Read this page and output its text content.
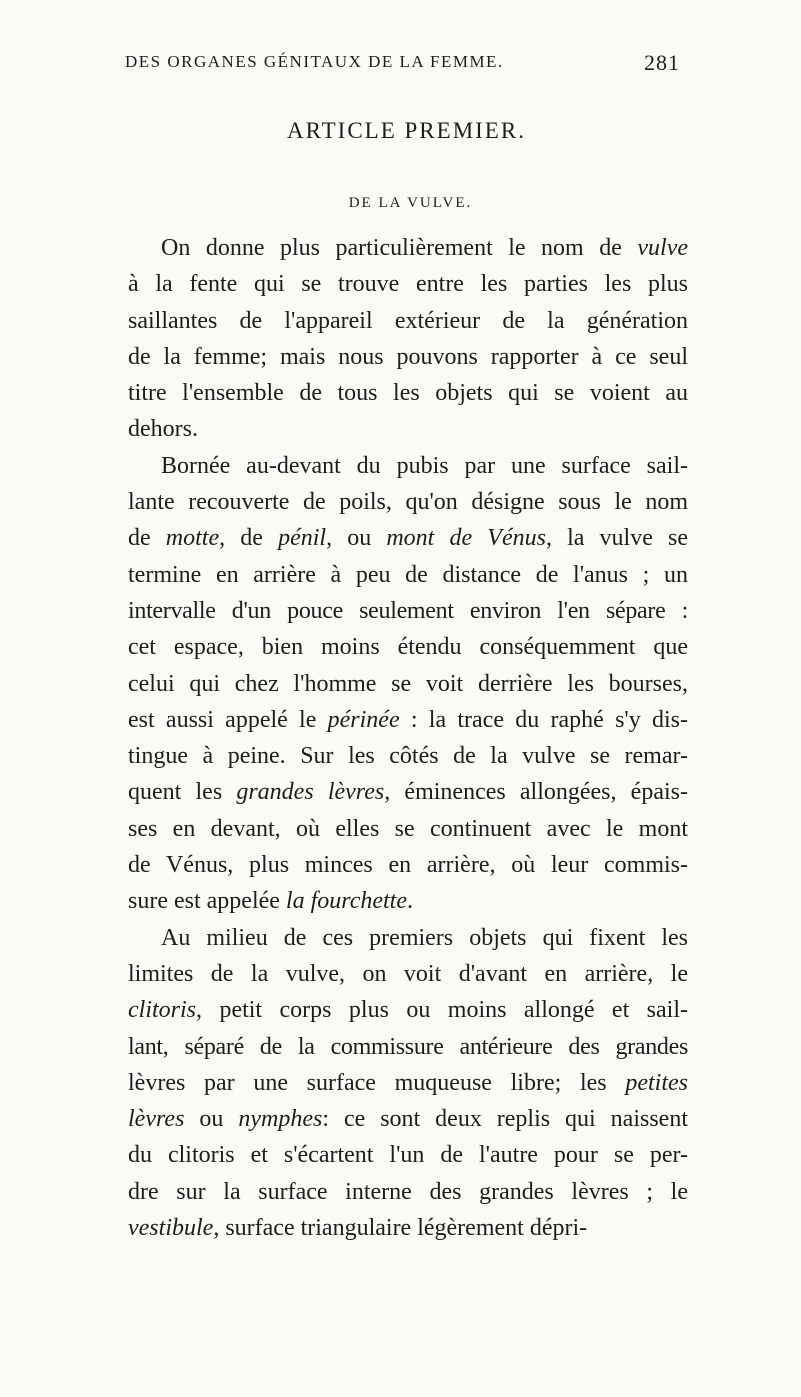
DES ORGANES GÉNITAUX DE LA FEMME.	281
ARTICLE PREMIER.
DE LA VULVE.
On donne plus particulièrement le nom de vulve
à la fente qui se trouve entre les parties les plus
saillantes de l'appareil extérieur de la génération
de la femme; mais nous pouvons rapporter à ce seul
titre l'ensemble de tous les objets qui se voient au
dehors.
Bornée au-devant du pubis par une surface sail-
lante recouverte de poils, qu'on désigne sous le nom
de motte, de pénil, ou mont de Vénus, la vulve se
termine en arrière à peu de distance de l'anus ; un
intervalle d'un pouce seulement environ l'en sépare :
cet espace, bien moins étendu conséquemment que
celui qui chez l'homme se voit derrière les bourses,
est aussi appelé le périnée : la trace du raphé s'y dis-
tingue à peine. Sur les côtés de la vulve se remar-
quent les grandes lèvres, éminences allongées, épais-
ses en devant, où elles se continuent avec le mont
de Vénus, plus minces en arrière, où leur commis-
sure est appelée la fourchette.
Au milieu de ces premiers objets qui fixent les
limites de la vulve, on voit d'avant en arrière, le
clitoris, petit corps plus ou moins allongé et sail-
lant, séparé de la commissure antérieure des grandes
lèvres par une surface muqueuse libre; les petites
lèvres ou nymphes: ce sont deux replis qui naissent
du clitoris et s'écartent l'un de l'autre pour se per-
dre sur la surface interne des grandes lèvres ; le
vestibule, surface triangulaire légèrement dépri-
